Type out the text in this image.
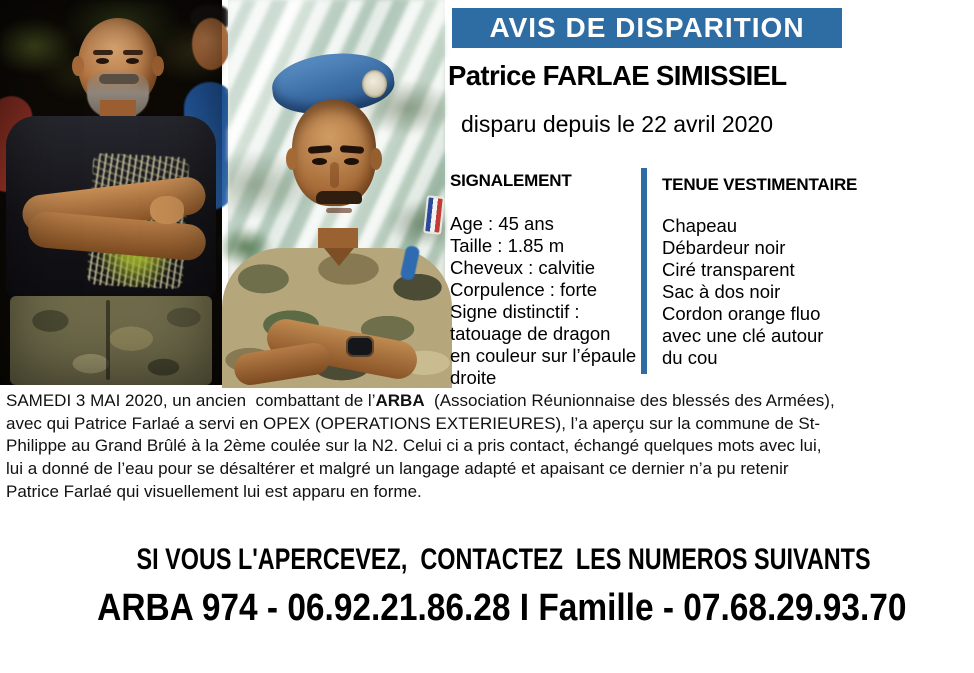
AVIS DE DISPARITION
Patrice FARLAE SIMISSIEL
disparu depuis le 22 avril 2020
SIGNALEMENT
Age : 45 ans
Taille : 1.85 m
Cheveux : calvitie
Corpulence : forte
Signe distinctif :
tatouage de dragon
en couleur sur l’épaule
droite
TENUE VESTIMENTAIRE
Chapeau
Débardeur noir
Ciré transparent
Sac à dos noir
Cordon orange fluo
avec une clé autour
du cou
SAMEDI 3 MAI 2020, un ancien  combattant de l’ARBA  (Association Réunionnaise des blessés des Armées), avec qui Patrice Farlaé a servi en OPEX (OPERATIONS EXTERIEURES), l’a aperçu sur la commune de St-Philippe au Grand Brûlé à la 2ème coulée sur la N2. Celui ci a pris contact, échangé quelques mots avec lui, lui a donné de l’eau pour se désaltérer et malgré un langage adapté et apaisant ce dernier n’a pu retenir Patrice Farlaé qui visuellement lui est apparu en forme.

SI VOUS L'APERCEVEZ,  CONTACTEZ  LES NUMEROS SUIVANTS

ARBA 974 - 06.92.21.86.28 I Famille - 07.68.29.93.70
